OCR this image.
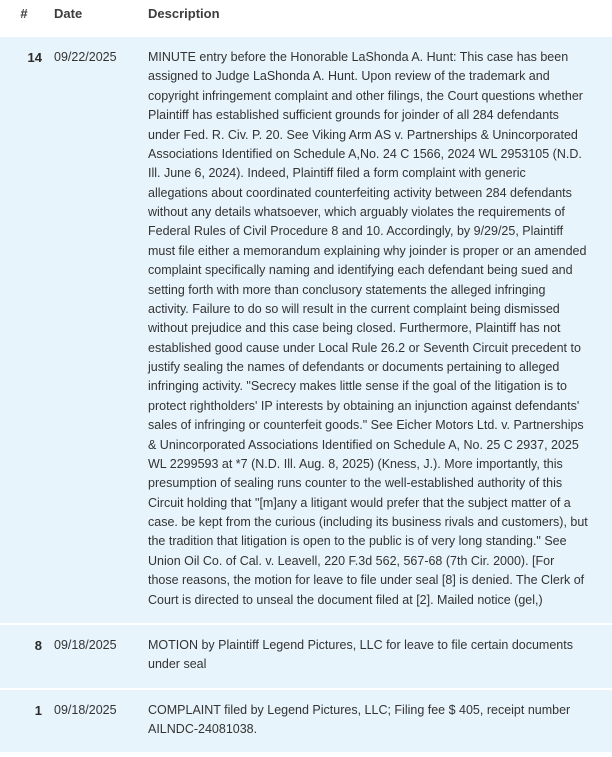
#	Date	Description
14	09/22/2025	MINUTE entry before the Honorable LaShonda A. Hunt: This case has been assigned to Judge LaShonda A. Hunt. Upon review of the trademark and copyright infringement complaint and other filings, the Court questions whether Plaintiff has established sufficient grounds for joinder of all 284 defendants under Fed. R. Civ. P. 20. See Viking Arm AS v. Partnerships & Unincorporated Associations Identified on Schedule A,No. 24 C 1566, 2024 WL 2953105 (N.D. Ill. June 6, 2024). Indeed, Plaintiff filed a form complaint with generic allegations about coordinated counterfeiting activity between 284 defendants without any details whatsoever, which arguably violates the requirements of Federal Rules of Civil Procedure 8 and 10. Accordingly, by 9/29/25, Plaintiff must file either a memorandum explaining why joinder is proper or an amended complaint specifically naming and identifying each defendant being sued and setting forth with more than conclusory statements the alleged infringing activity. Failure to do so will result in the current complaint being dismissed without prejudice and this case being closed. Furthermore, Plaintiff has not established good cause under Local Rule 26.2 or Seventh Circuit precedent to justify sealing the names of defendants or documents pertaining to alleged infringing activity. "Secrecy makes little sense if the goal of the litigation is to protect rightholders' IP interests by obtaining an injunction against defendants' sales of infringing or counterfeit goods." See Eicher Motors Ltd. v. Partnerships & Unincorporated Associations Identified on Schedule A, No. 25 C 2937, 2025 WL 2299593 at *7 (N.D. Ill. Aug. 8, 2025) (Kness, J.). More importantly, this presumption of sealing runs counter to the well-established authority of this Circuit holding that "[m]any a litigant would prefer that the subject matter of a case. be kept from the curious (including its business rivals and customers), but the tradition that litigation is open to the public is of very long standing." See Union Oil Co. of Cal. v. Leavell, 220 F.3d 562, 567-68 (7th Cir. 2000). [For those reasons, the motion for leave to file under seal [8] is denied. The Clerk of Court is directed to unseal the document filed at [2]. Mailed notice (gel,)
8	09/18/2025	MOTION by Plaintiff Legend Pictures, LLC for leave to file certain documents under seal
1	09/18/2025	COMPLAINT filed by Legend Pictures, LLC; Filing fee $ 405, receipt number AILNDC-24081038.
